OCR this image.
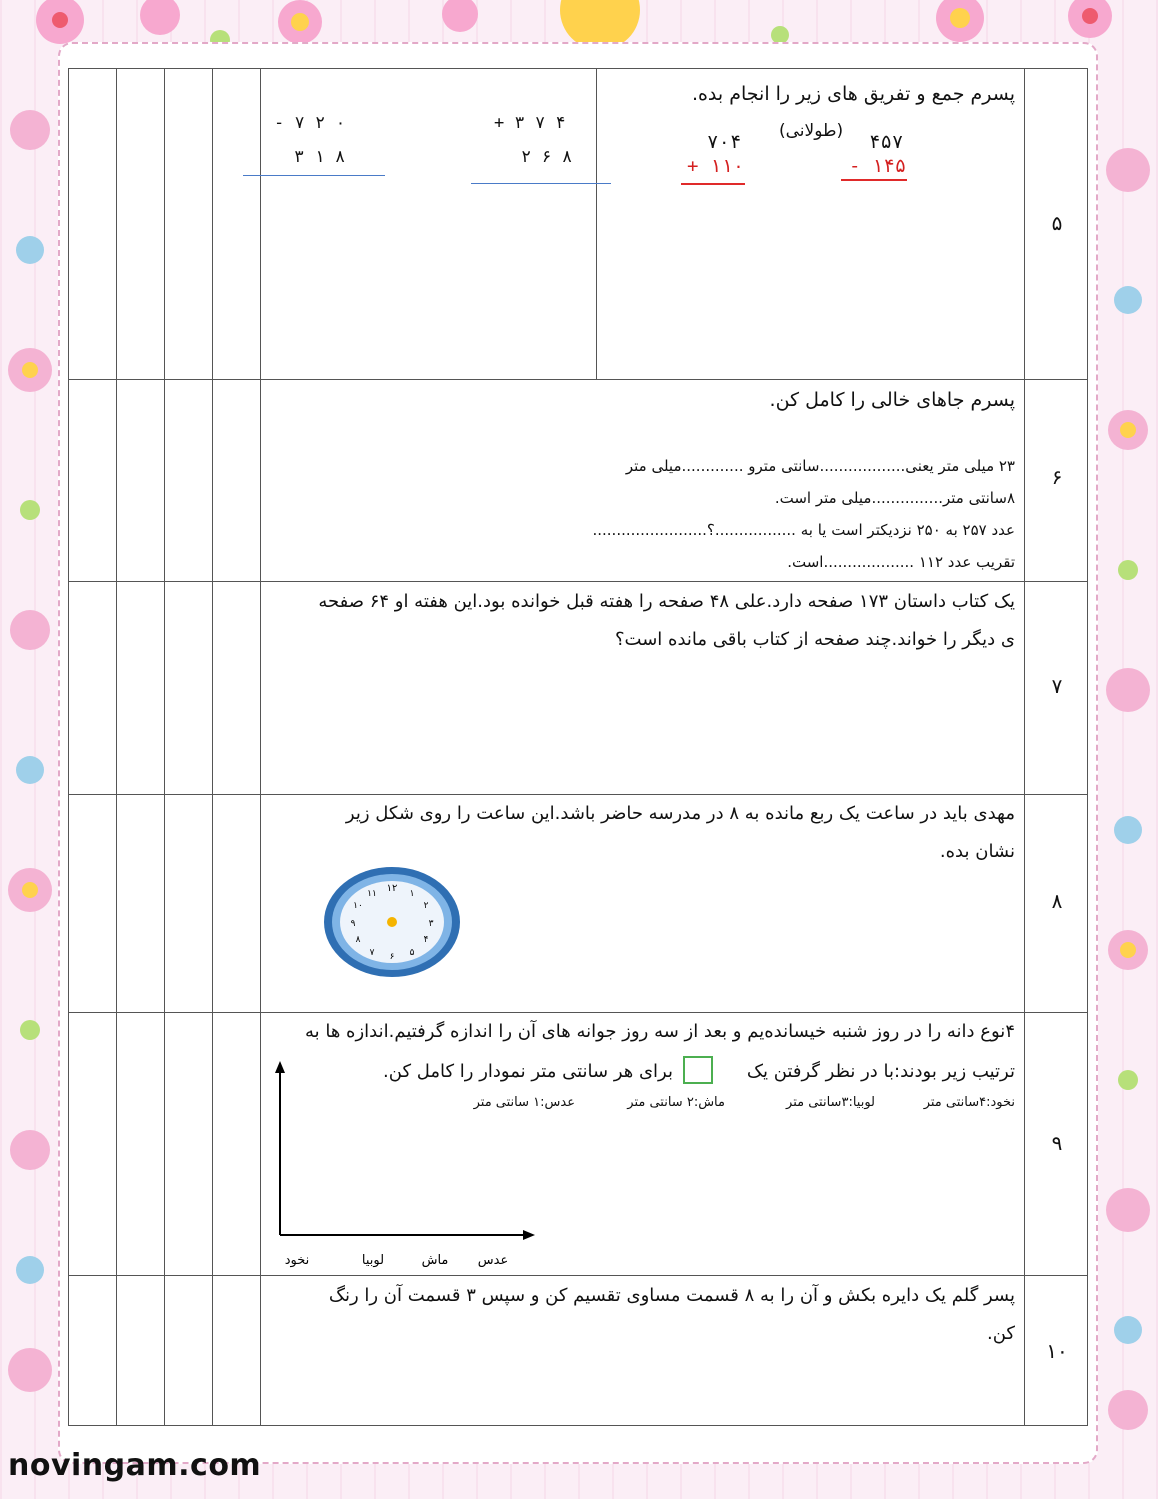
۵
۶
۷
۸
۹
۱۰
پسرم جمع و تفریق های زیر را انجام بده.
(طولانی)
- ۷ ۲ ۰
۳ ۱ ۸
+ ۳ ۷ ۴
۲ ۶ ۸
۷۰۴
+ ۱۱۰
۴۵۷
- ۱۴۵
پسرم جاهای خالی را کامل کن.
۲۳ میلی متر یعنی..................سانتی مترو .............میلی متر
۸سانتی متر...............میلی متر است.
عدد ۲۵۷ به ۲۵۰ نزدیکتر است یا به .................؟........................
تقریب عدد ۱۱۲ ...................است.
یک کتاب داستان ۱۷۳ صفحه دارد.علی ۴۸ صفحه را هفته قبل خوانده بود.این هفته او ۶۴ صفحه
ی دیگر را خواند.چند صفحه از کتاب باقی مانده است؟
مهدی باید در ساعت یک ربع مانده به ۸ در مدرسه حاضر باشد.این ساعت را روی شکل زیر
نشان بده.
۱۲ ۱
۲
۳
۴
۵
۶
۷
۸
۹
۱۰
۱۱
۴نوع دانه را در روز شنبه خیسانده‌یم و بعد از سه روز جوانه های آن را اندازه گرفتیم.اندازه ها به
ترتیب زیر بودند:با در نظر گرفتن یک
برای هر سانتی متر نمودار را کامل کن.
نخود:۴سانتی متر
لوبیا:۳سانتی متر
ماش:۲ سانتی متر
عدس:۱ سانتی متر
نخود	لوبیا	ماش عدس
پسر گلم یک دایره بکش و آن را به ۸ قسمت مساوی تقسیم کن و سپس ۳ قسمت آن را رنگ
کن.
novingam.com
